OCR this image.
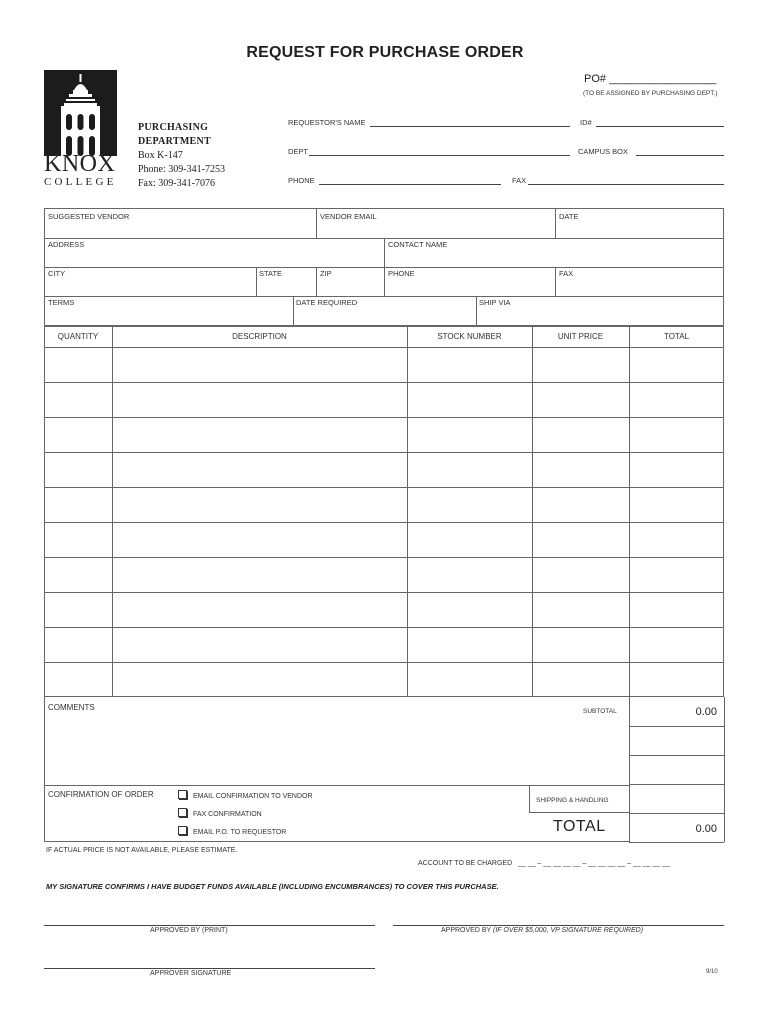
REQUEST FOR PURCHASE ORDER
PO# ___________________
(TO BE ASSIGNED BY PURCHASING DEPT.)
KNOX
COLLEGE
PURCHASING
DEPARTMENT
Box K-147
Phone: 309-341-7253
Fax: 309-341-7076
REQUESTOR'S NAME	ID#
DEPT	CAMPUS BOX
PHONE	FAX
SUGGESTED VENDOR	VENDOR EMAIL	DATE
ADDRESS	CONTACT NAME
CITY	STATE	ZIP	PHONE	FAX
TERMS	DATE REQUIRED	SHIP VIA
QUANTITY	DESCRIPTION	STOCK NUMBER	UNIT PRICE	TOTAL
COMMENTS	SUBTOTAL	0.00
SHIPPING & HANDLING
TOTAL	0.00
CONFIRMATION OF ORDER	EMAIL CONFIRMATION TO VENDOR
FAX CONFIRMATION
EMAIL P.O. TO REQUESTOR
IF ACTUAL PRICE IS NOT AVAILABLE, PLEASE ESTIMATE.
ACCOUNT TO BE CHARGED __ __ – __ __ __ __ – __ __ __ __ – __ __ __ __
MY SIGNATURE CONFIRMS I HAVE BUDGET FUNDS AVAILABLE (INCLUDING ENCUMBRANCES) TO COVER THIS PURCHASE.
APPROVED BY (PRINT)	APPROVED BY (IF OVER $5,000, VP SIGNATURE REQUIRED)
APPROVER SIGNATURE	9/10
